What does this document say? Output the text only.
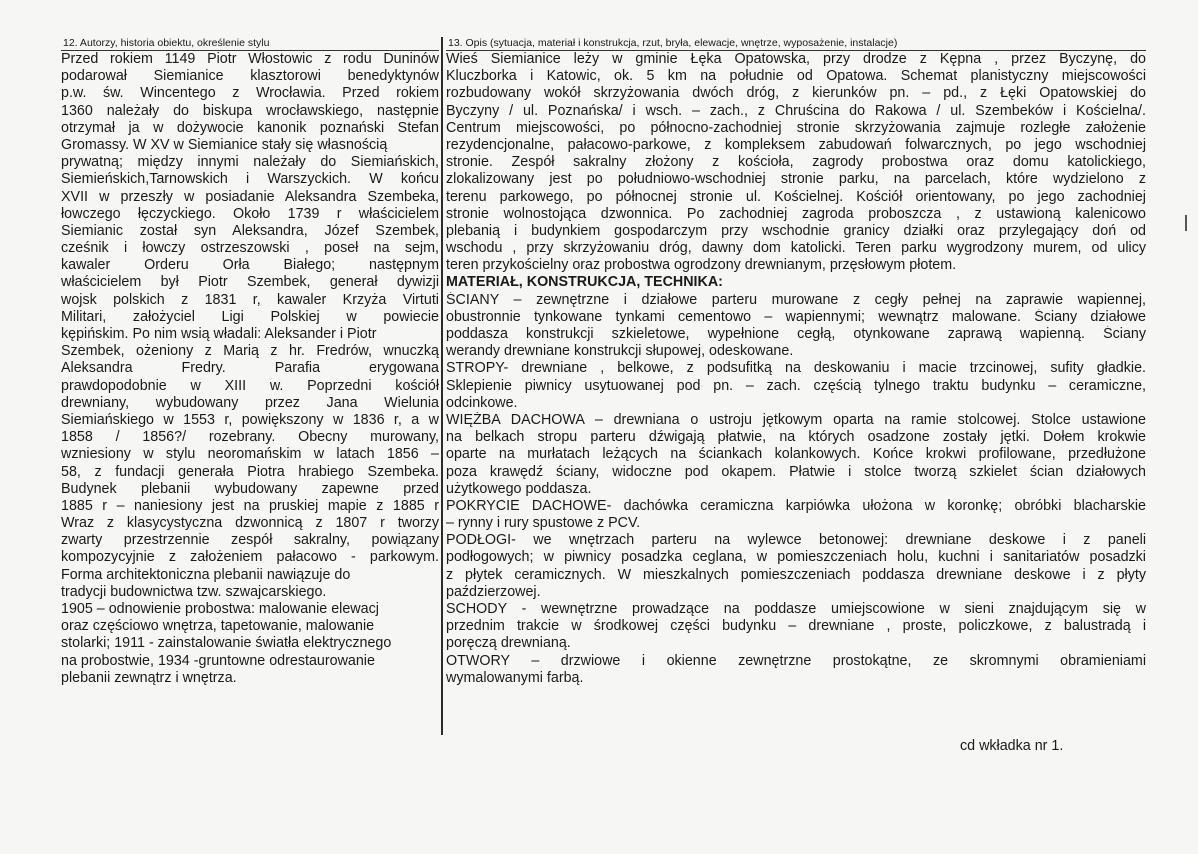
12. Autorzy, historia obiektu, określenie stylu
Przed rokiem 1149 Piotr Włostowic z rodu Duninów
podarował Siemianice klasztorowi benedyktynów
p.w. św. Wincentego z Wrocławia. Przed rokiem
1360 należały do biskupa wrocławskiego, następnie
otrzymał ja w dożywocie kanonik poznański Stefan
Gromassy. W XV w Siemianice stały się własnością
prywatną; między innymi należały do Siemiańskich,
Siemieńskich,Tarnowskich i Warszyckich. W końcu
XVII w przeszły w posiadanie Aleksandra Szembeka,
łowczego łęczyckiego. Około 1739 r właścicielem
Siemianic został syn Aleksandra, Józef Szembek,
cześnik i łowczy ostrzeszowski , poseł na sejm,
kawaler Orderu Orła Białego; następnym
właścicielem był Piotr Szembek, generał dywizji
wojsk polskich z 1831 r, kawaler Krzyża Virtuti
Militari, założyciel Ligi Polskiej w powiecie
kępińskim. Po nim wsią władali: Aleksander i Piotr
Szembek, ożeniony z Marią z hr. Fredrów, wnuczką
Aleksandra Fredry. Parafia erygowana
prawdopodobnie w XIII w. Poprzedni kościół
drewniany, wybudowany przez Jana Wielunia
Siemiańskiego w 1553 r, powiększony w 1836 r, a w
1858 / 1856?/ rozebrany. Obecny murowany,
wzniesiony w stylu neoromańskim w latach 1856 –
58, z fundacji generała Piotra hrabiego Szembeka.
Budynek plebanii wybudowany zapewne przed
1885 r – naniesiony jest na pruskiej mapie z 1885 r
Wraz z klasycystyczna dzwonnicą z 1807 r tworzy
zwarty przestrzennie zespół sakralny, powiązany
kompozycyjnie z założeniem pałacowo - parkowym.
Forma architektoniczna plebanii nawiązuje do
tradycji budownictwa tzw. szwajcarskiego.
1905 – odnowienie probostwa: malowanie elewacj
oraz częściowo wnętrza, tapetowanie, malowanie
stolarki; 1911 - zainstalowanie światła elektrycznego
na probostwie, 1934 -gruntowne odrestaurowanie
plebanii zewnątrz i wnętrza.
13. Opis (sytuacja, materiał i konstrukcja, rzut, bryła, elewacje, wnętrze, wyposażenie, instalacje)
Wieś Siemianice leży w gminie Łęka Opatowska, przy drodze z Kępna , przez Byczynę, do
Kluczborka i Katowic, ok. 5 km na południe od Opatowa. Schemat planistyczny miejscowości
rozbudowany wokół skrzyżowania dwóch dróg, z kierunków pn. – pd., z Łęki Opatowskiej do
Byczyny / ul. Poznańska/ i wsch. – zach., z Chruścina do Rakowa / ul. Szembeków i Kościelna/.
Centrum miejscowości, po północno-zachodniej stronie skrzyżowania zajmuje rozległe założenie
rezydencjonalne, pałacowo-parkowe, z kompleksem zabudowań folwarcznych, po jego wschodniej
stronie. Zespół sakralny złożony z kościoła, zagrody probostwa oraz domu katolickiego,
zlokalizowany jest po południowo-wschodniej stronie parku, na parcelach, które wydzielono z
terenu parkowego, po północnej stronie ul. Kościelnej. Kościół orientowany, po jego zachodniej
stronie wolnostojąca dzwonnica. Po zachodniej zagroda proboszcza , z ustawioną kalenicowo
plebanią i budynkiem gospodarczym przy wschodnie granicy działki oraz przylegający doń od
wschodu , przy skrzyżowaniu dróg, dawny dom katolicki. Teren parku wygrodzony murem, od ulicy
teren przykościelny oraz probostwa ogrodzony drewnianym, przęsłowym płotem.
MATERIAŁ, KONSTRUKCJA, TECHNIKA:
ŚCIANY – zewnętrzne i działowe parteru murowane z cegły pełnej na zaprawie wapiennej,
obustronnie tynkowane tynkami cementowo – wapiennymi; wewnątrz malowane. Ściany działowe
poddasza konstrukcji szkieletowe, wypełnione cegłą, otynkowane zaprawą wapienną. Ściany
werandy drewniane konstrukcji słupowej, odeskowane.
STROPY- drewniane , belkowe, z podsufitką na deskowaniu i macie trzcinowej, sufity gładkie.
Sklepienie piwnicy usytuowanej pod pn. – zach. częścią tylnego traktu budynku – ceramiczne,
odcinkowe.
WIĘŹBA DACHOWA – drewniana o ustroju jętkowym oparta na ramie stolcowej. Stolce ustawione
na belkach stropu parteru dźwigają płatwie, na których osadzone zostały jętki. Dołem krokwie
oparte na murłatach leżących na ściankach kolankowych. Końce krokwi profilowane, przedłużone
poza krawędź ściany, widoczne pod okapem. Płatwie i stolce tworzą szkielet ścian działowych
użytkowego poddasza.
POKRYCIE DACHOWE- dachówka ceramiczna karpiówka ułożona w koronkę; obróbki blacharskie
– rynny i rury spustowe z PCV.
PODŁOGI- we wnętrzach parteru na wylewce betonowej: drewniane deskowe i z paneli
podłogowych; w piwnicy posadzka ceglana, w pomieszczeniach holu, kuchni i sanitariatów posadzki
z płytek ceramicznych. W mieszkalnych pomieszczeniach poddasza drewniane deskowe i z płyty
paździerzowej.
SCHODY - wewnętrzne prowadzące na poddasze umiejscowione w sieni znajdującym się w
przednim trakcie w środkowej części budynku – drewniane , proste, policzkowe, z balustradą i
poręczą drewnianą.
OTWORY – drzwiowe i okienne zewnętrzne prostokątne, ze skromnymi obramieniami
wymalowanymi farbą.
cd wkładka nr 1.
